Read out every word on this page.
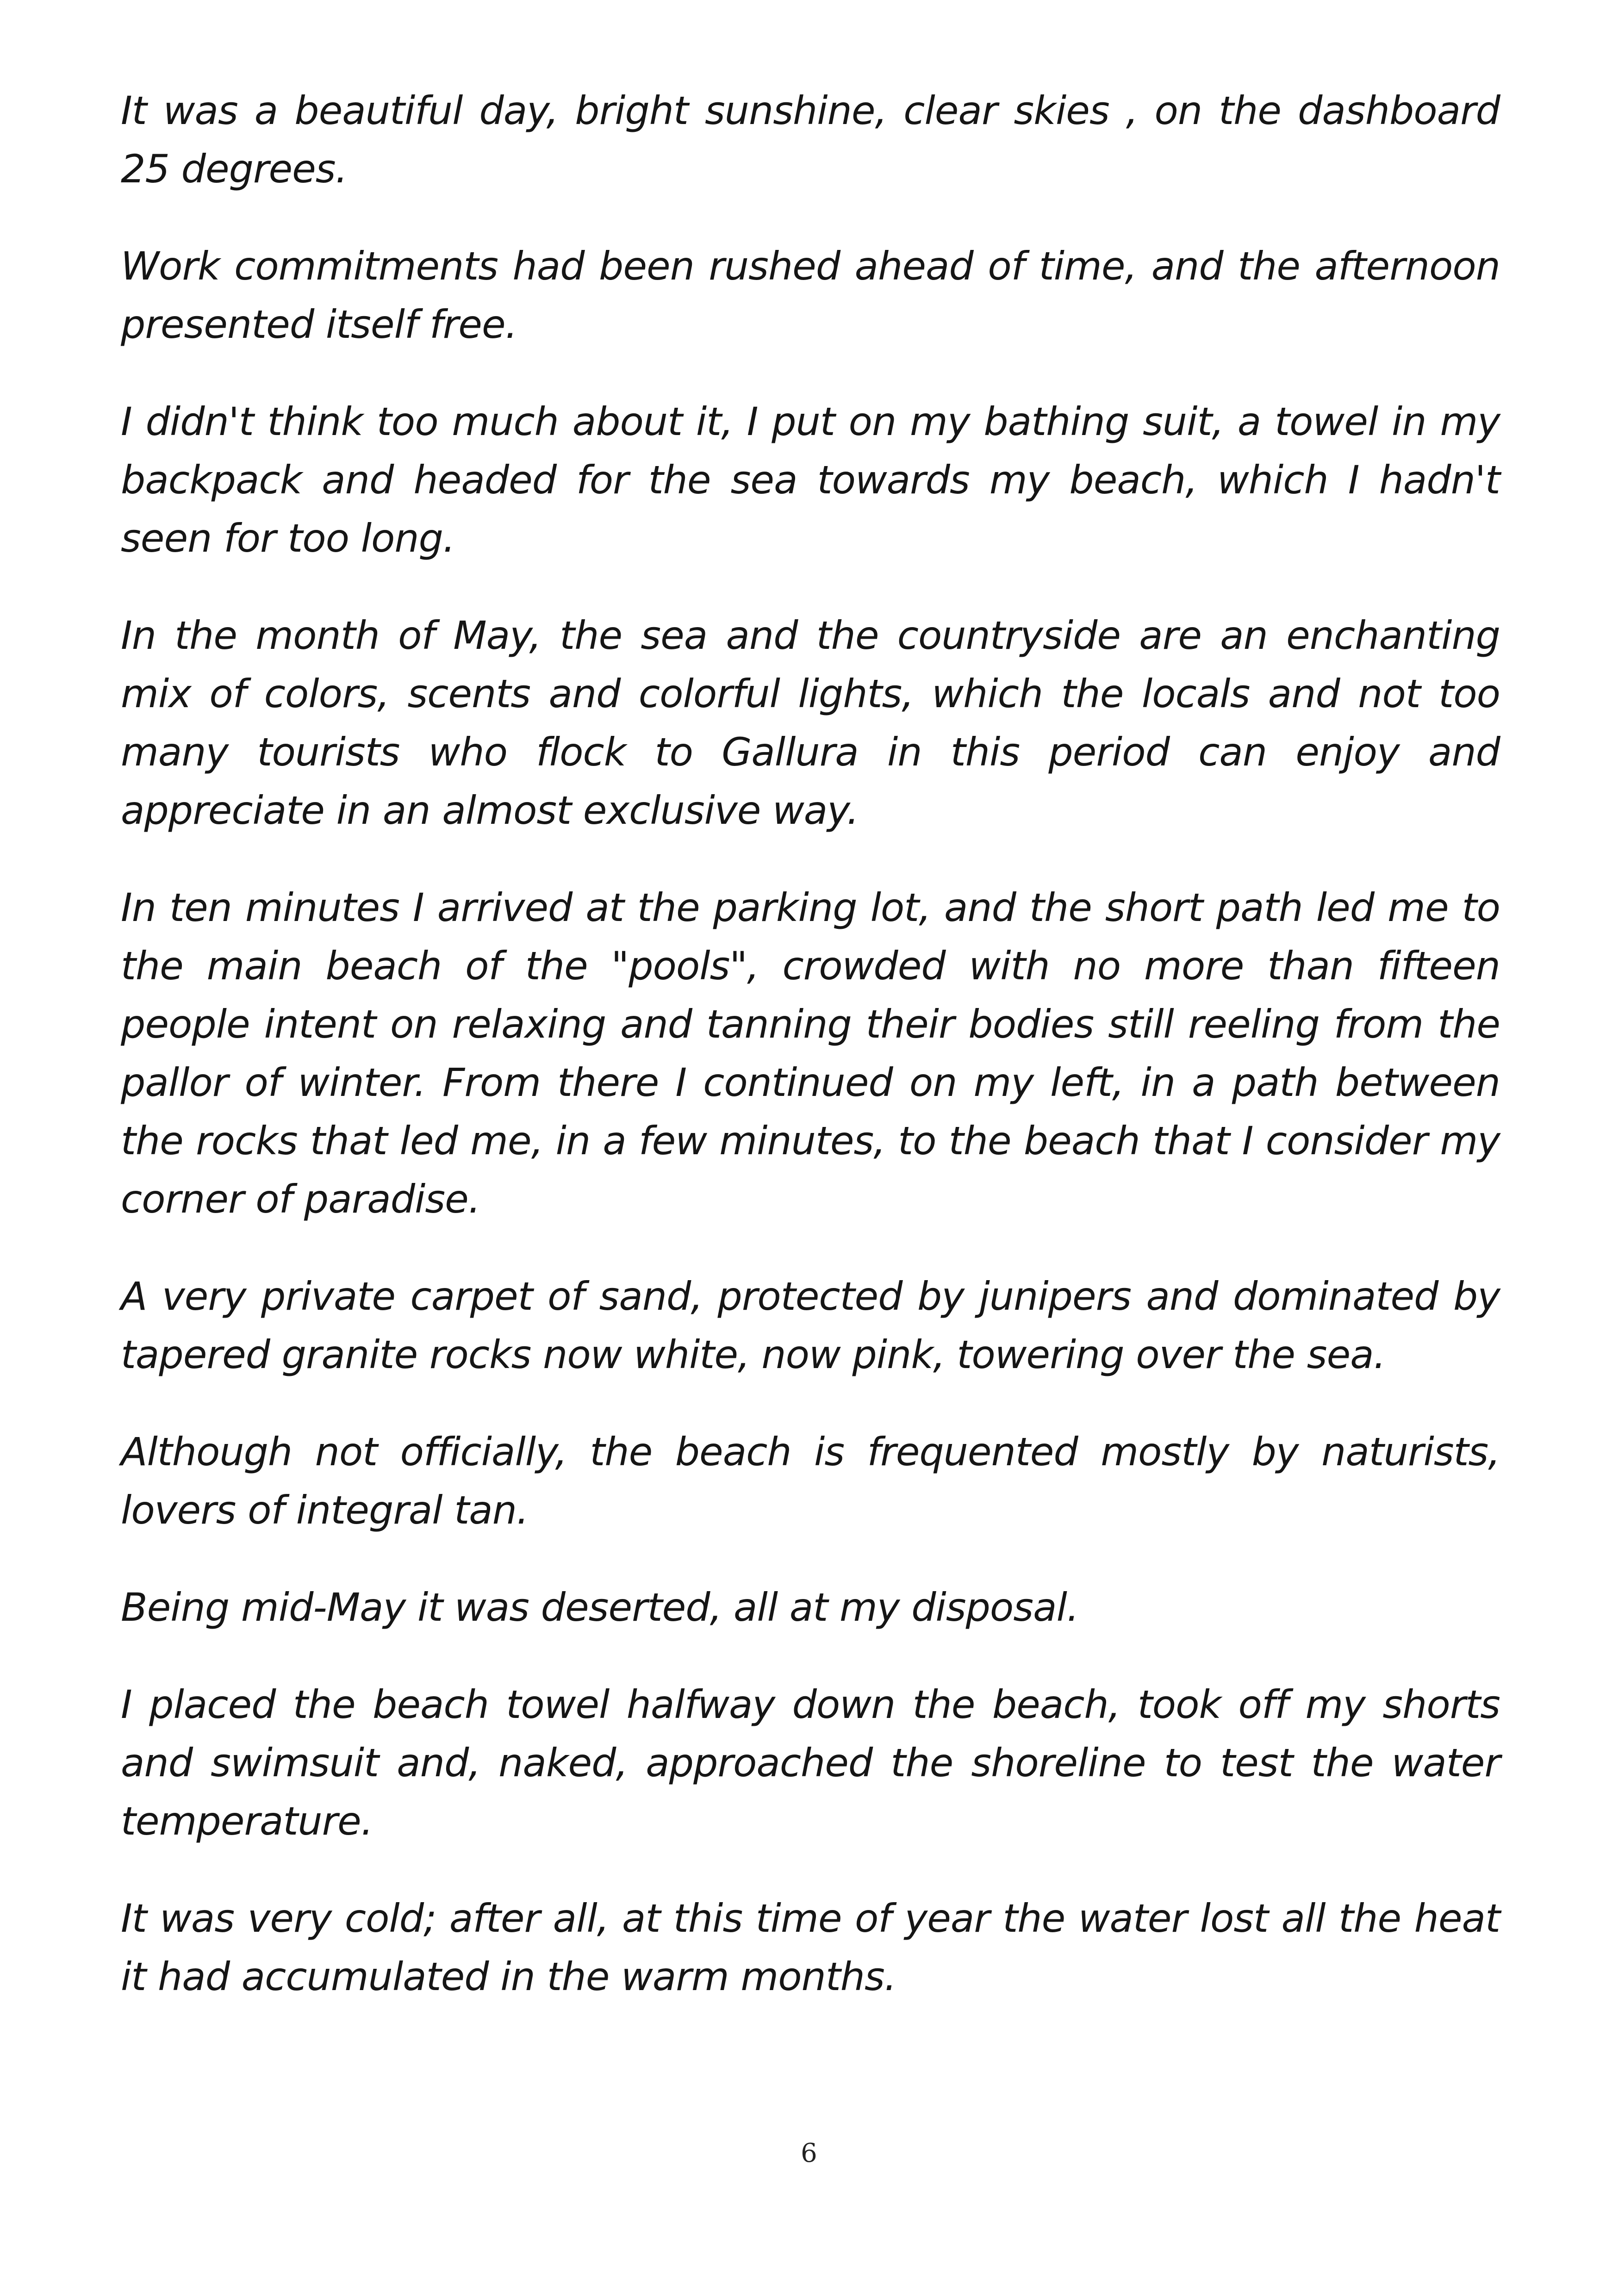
It was a beautiful day, bright sunshine, clear skies , on the dashboard 25 degrees.

Work commitments had been rushed ahead of time, and the afternoon presented itself free.

I didn't think too much about it, I put on my bathing suit, a towel in my backpack and headed for the sea towards my beach, which I hadn't seen for too long.

In the month of May, the sea and the countryside are an enchanting mix of colors, scents and colorful lights, which the locals and not too many tourists who flock to Gallura in this period can enjoy and appreciate in an almost exclusive way.

In ten minutes I arrived at the parking lot, and the short path led me to the main beach of the "pools", crowded with no more than fifteen people intent on relaxing and tanning their bodies still reeling from the pallor of winter. From there I continued on my left, in a path between the rocks that led me, in a few minutes, to the beach that I consider my corner of paradise.

A very private carpet of sand, protected by junipers and dominated by tapered granite rocks now white, now pink, towering over the sea.

Although not officially, the beach is frequented mostly by naturists, lovers of integral tan.

Being mid-May it was deserted, all at my disposal.

I placed the beach towel halfway down the beach, took off my shorts and swimsuit and, naked, approached the shoreline to test the water temperature.

It was very cold; after all, at this time of year the water lost all the heat it had accumulated in the warm months.

6
